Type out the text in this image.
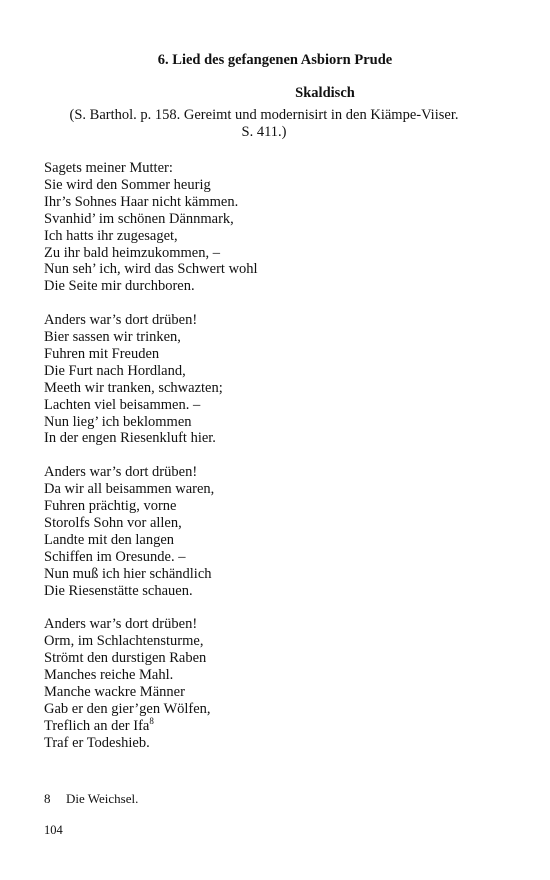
6. Lied des gefangenen Asbiorn Prude
Skaldisch
(S. Barthol. p. 158. Gereimt und modernisirt in den Kiämpe-Viiser.
S. 411.)
Sagets meiner Mutter:
Sie wird den Sommer heurig
Ihr’s Sohnes Haar nicht kämmen.
Svanhid’ im schönen Dännmark,
Ich hatts ihr zugesaget,
Zu ihr bald heimzukommen, –
Nun seh’ ich, wird das Schwert wohl
Die Seite mir durchboren.
Anders war’s dort drüben!
Bier sassen wir trinken,
Fuhren mit Freuden
Die Furt nach Hordland,
Meeth wir tranken, schwazten;
Lachten viel beisammen. –
Nun lieg’ ich beklommen
In der engen Riesenkluft hier.
Anders war’s dort drüben!
Da wir all beisammen waren,
Fuhren prächtig, vorne
Storolfs Sohn vor allen,
Landte mit den langen
Schiffen im Oresunde. –
Nun muß ich hier schändlich
Die Riesenstätte schauen.
Anders war’s dort drüben!
Orm, im Schlachtensturme,
Strömt den durstigen Raben
Manches reiche Mahl.
Manche wackre Männer
Gab er den gier’gen Wölfen,
Treflich an der Ifa$^8$
Traf er Todeshieb.
8 Die Weichsel.
104
